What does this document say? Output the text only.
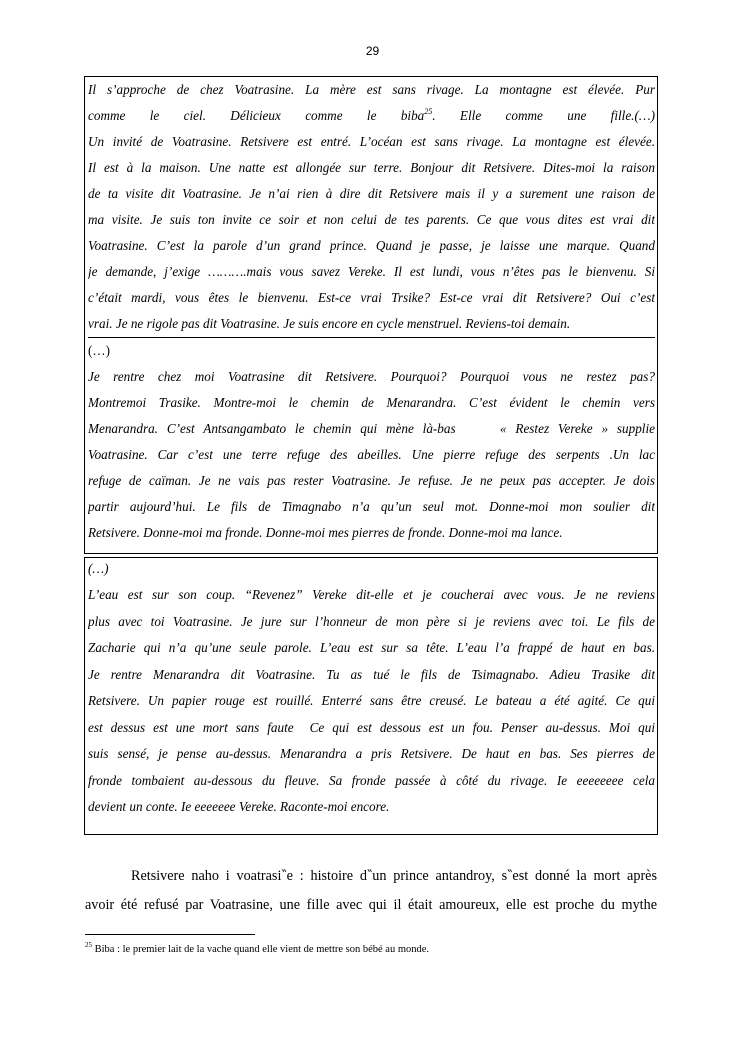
29
Il s’approche de chez Voatrasine. La mère est sans rivage. La montagne est élevée. Pur
comme le ciel. Délicieux comme le biba$^{25}$. Elle comme une fille.(…)
Un invité de Voatrasine. Retsivere est entré. L’océan est sans rivage. La montagne est élevée.
Il est à la maison. Une natte est allongée sur terre. Bonjour dit Retsivere. Dites-moi la raison
de ta visite dit Voatrasine. Je n’ai rien à dire dit Retsivere mais il y a surement une raison de
ma visite. Je suis ton invite ce soir et non celui de tes parents. Ce que vous dites est vrai dit
Voatrasine. C’est la parole d’un grand prince. Quand je passe, je laisse une marque. Quand
je demande, j’exige ……….mais vous savez Vereke. Il est lundi, vous n’êtes pas le bienvenu. Si
c’était mardi, vous êtes le bienvenu. Est-ce vrai Trsike? Est-ce vrai dit Retsivere? Oui c’est
vrai. Je ne rigole pas dit Voatrasine. Je suis encore en cycle menstruel. Reviens-toi demain.
(…)
Je rentre chez moi Voatrasine dit Retsivere. Pourquoi? Pourquoi vous ne restez pas?
Montremoi Trasike. Montre-moi le chemin de Menarandra. C’est évident le chemin vers
Menarandra. C’est Antsangambato le chemin qui mène là-bas     « Restez Vereke » supplie
Voatrasine. Car c’est une terre refuge des abeilles. Une pierre refuge des serpents .Un lac
refuge de caïman. Je ne vais pas rester Voatrasine. Je refuse. Je ne peux pas accepter. Je dois
partir aujourd’hui. Le fils de Timagnabo n’a qu’un seul mot. Donne-moi mon soulier dit
Retsivere. Donne-moi ma fronde. Donne-moi mes pierres de fronde. Donne-moi ma lance.
(…)
L’eau est sur son coup. “Revenez” Vereke dit-elle et je coucherai avec vous. Je ne reviens
plus avec toi Voatrasine. Je jure sur l’honneur de mon père si je reviens avec toi. Le fils de
Zacharie qui n’a qu’une seule parole. L’eau est sur sa tête. L’eau l’a frappé de haut en bas.
Je rentre Menarandra dit Voatrasine. Tu as tué le fils de Tsimagnabo. Adieu Trasike dit
Retsivere. Un papier rouge est rouillé. Enterré sans être creusé. Le bateau a été agité. Ce qui
est dessus est une mort sans faute  Ce qui est dessous est un fou. Penser au-dessus. Moi qui
suis sensé, je pense au-dessus. Menarandra a pris Retsivere. De haut en bas. Ses pierres de
fronde tombaient au-dessous du fleuve. Sa fronde passée à côté du rivage. Ie eeeeeeee cela
devient un conte. Ie eeeeeee Vereke. Raconte-moi encore.
Retsivere naho i voatrasi‶e : histoire d‶un prince antandroy, s‶est donné la mort après
avoir été refusé par Voatrasine, une fille avec qui il était amoureux, elle est proche du mythe
$^{25}$ Biba : le premier lait de la vache quand elle vient de mettre son bébé au monde.
